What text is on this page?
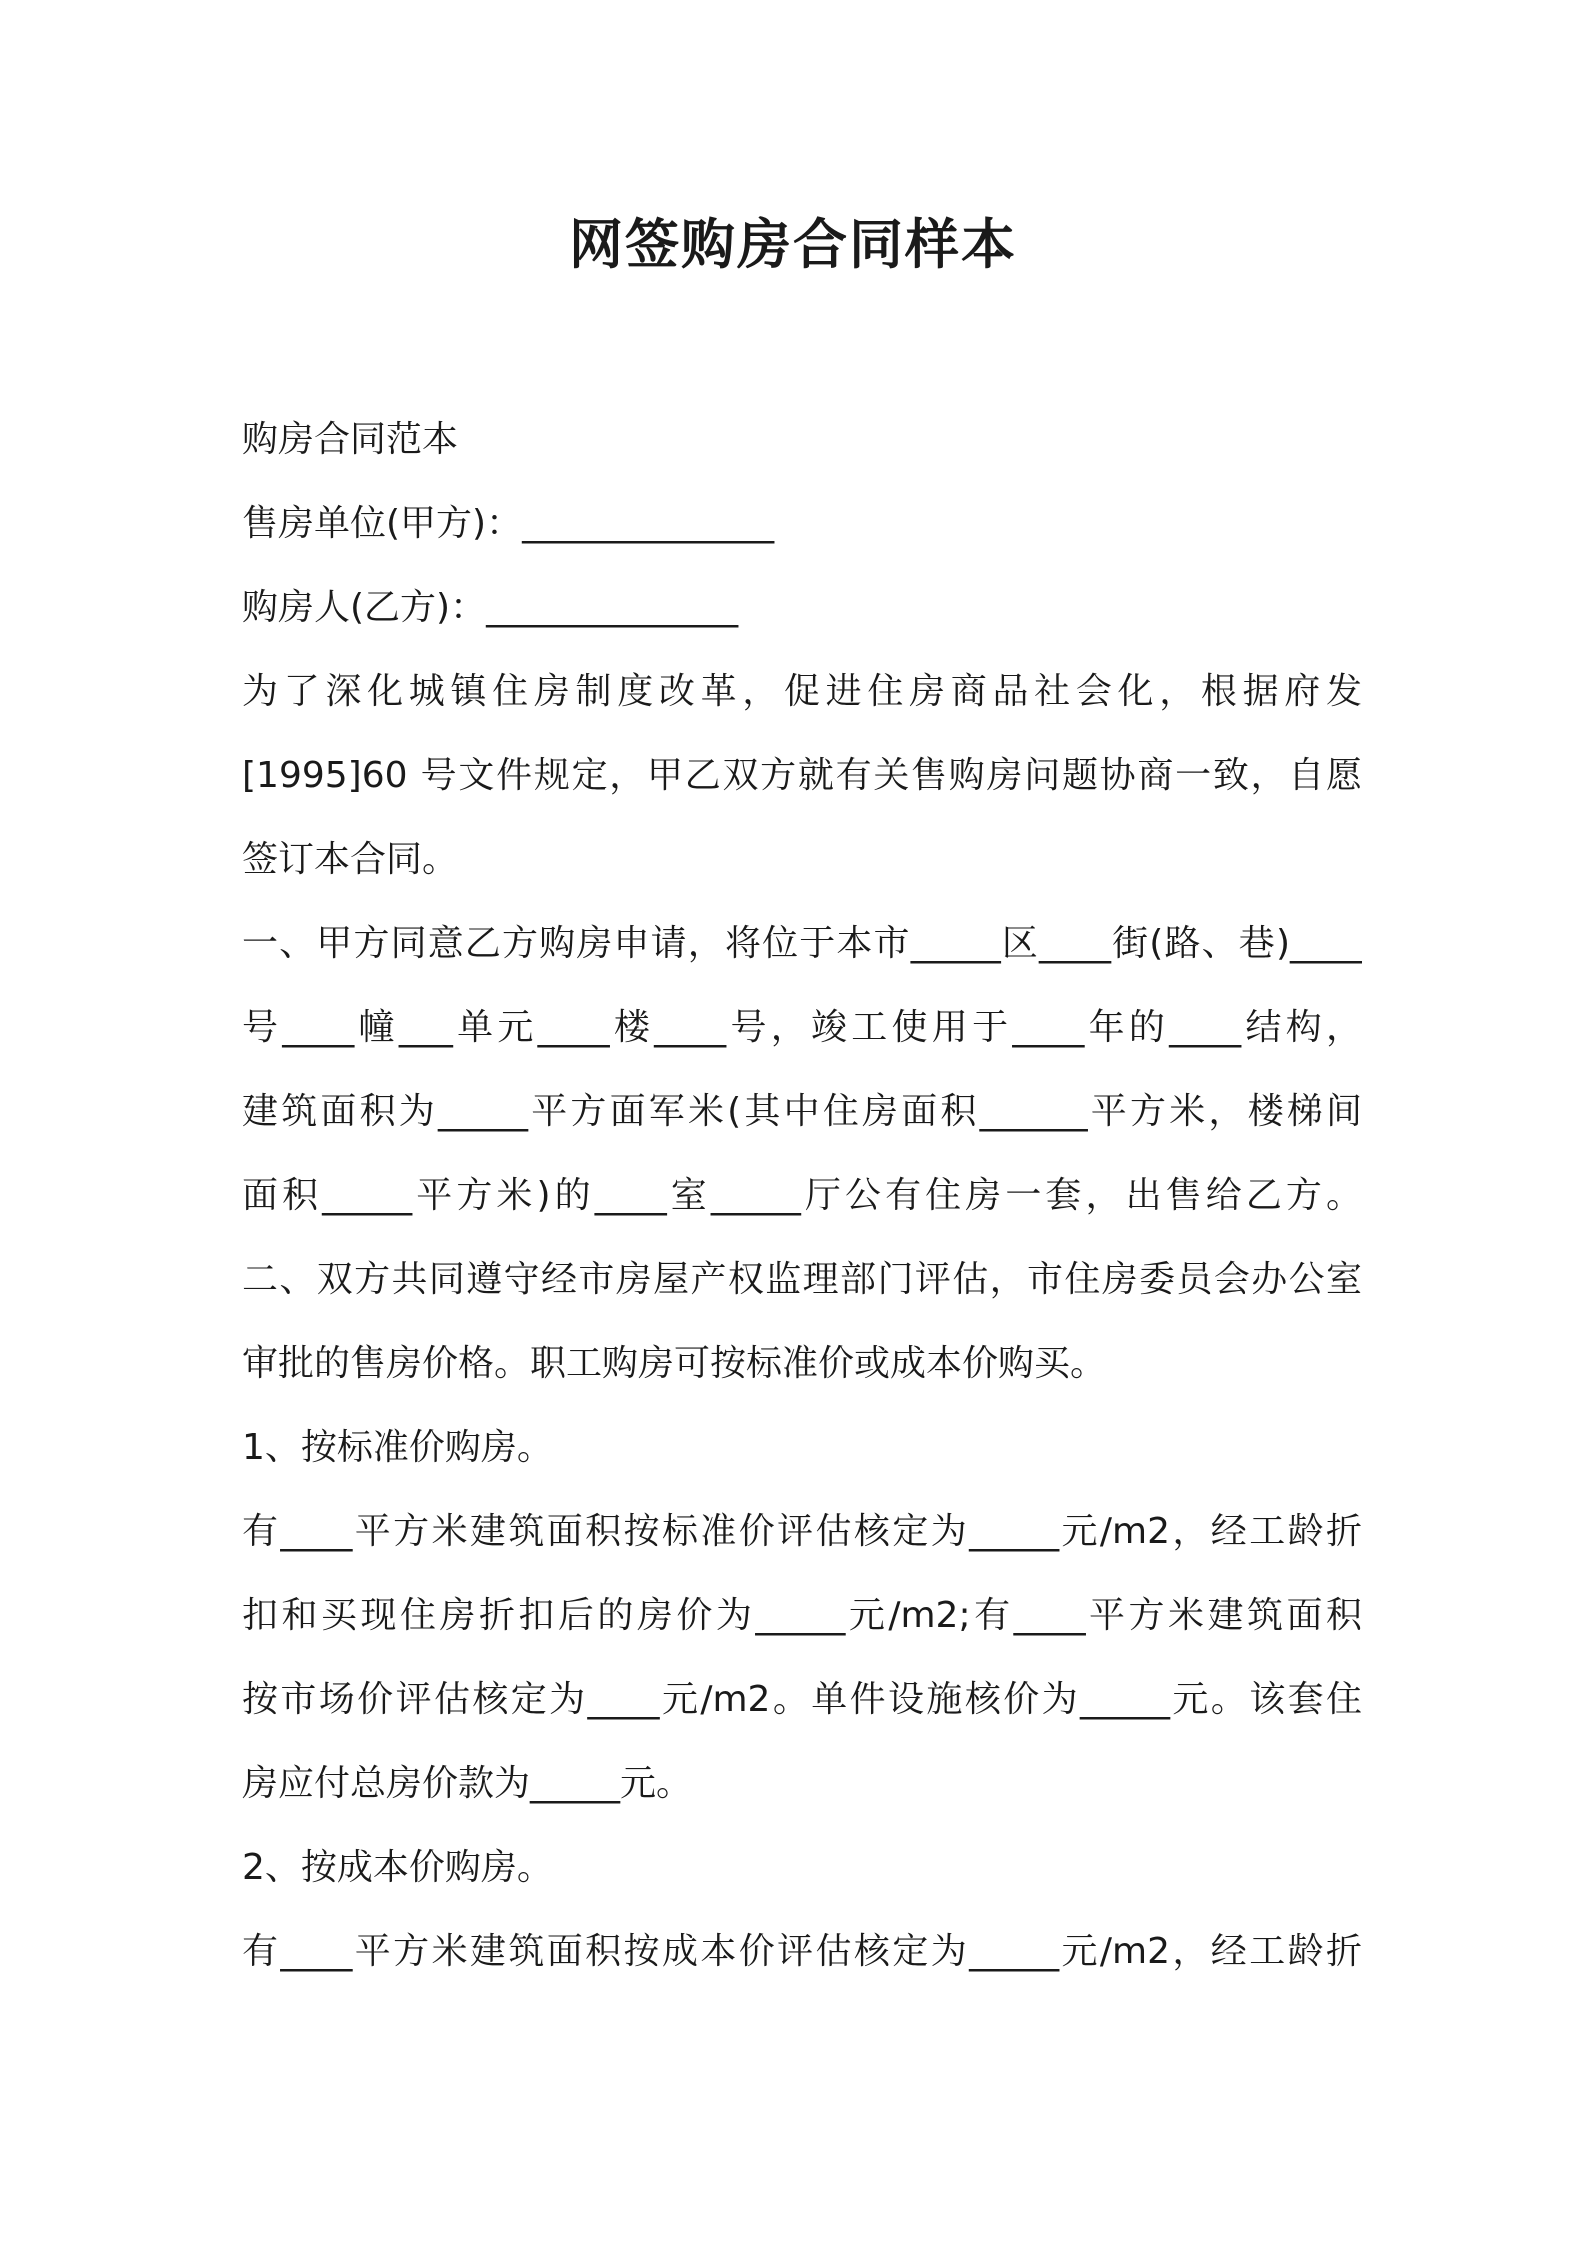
网签购房合同样本
购房合同范本
售房单位(甲方)：______________
购房人(乙方)：______________
为了深化城镇住房制度改革，促进住房商品社会化，根据府发
[1995]60 号文件规定，甲乙双方就有关售购房问题协商一致，自愿
签订本合同。
一、甲方同意乙方购房申请，将位于本市_____区____街(路、巷)____
号____幢___单元____楼____号，竣工使用于____年的____结构，
建筑面积为_____平方面军米(其中住房面积______平方米，楼梯间
面积_____平方米)的____室_____厅公有住房一套，出售给乙方。
二、双方共同遵守经市房屋产权监理部门评估，市住房委员会办公室
审批的售房价格。职工购房可按标准价或成本价购买。
1、按标准价购房。
有____平方米建筑面积按标准价评估核定为_____元/m2，经工龄折
扣和买现住房折扣后的房价为_____元/m2;有____平方米建筑面积
按市场价评估核定为____元/m2。单件设施核价为_____元。该套住
房应付总房价款为_____元。
2、按成本价购房。
有____平方米建筑面积按成本价评估核定为_____元/m2，经工龄折
